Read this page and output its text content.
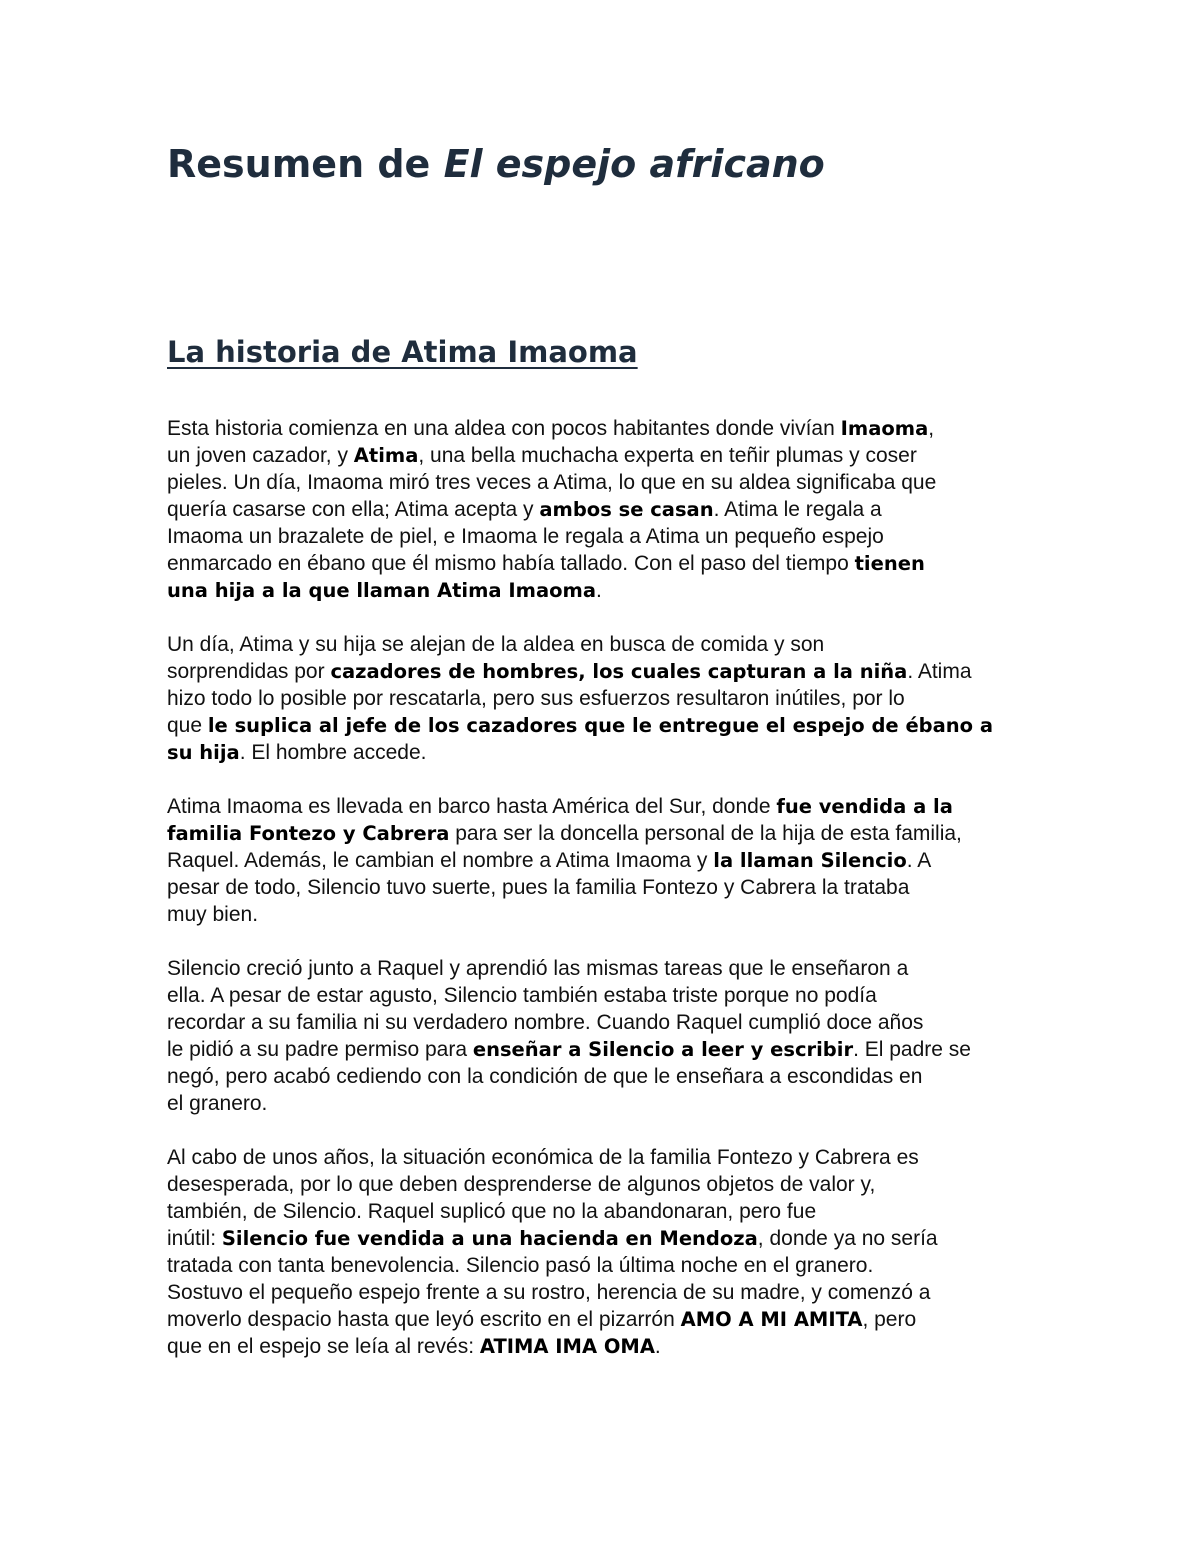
Resumen de El espejo africano
La historia de Atima Imaoma

Esta historia comienza en una aldea con pocos habitantes donde vivían Imaoma,
un joven cazador, y Atima, una bella muchacha experta en teñir plumas y coser
pieles. Un día, Imaoma miró tres veces a Atima, lo que en su aldea significaba que
quería casarse con ella; Atima acepta y ambos se casan. Atima le regala a
Imaoma un brazalete de piel, e Imaoma le regala a Atima un pequeño espejo
enmarcado en ébano que él mismo había tallado. Con el paso del tiempo tienen
una hija a la que llaman Atima Imaoma.

Un día, Atima y su hija se alejan de la aldea en busca de comida y son
sorprendidas por cazadores de hombres, los cuales capturan a la niña. Atima
hizo todo lo posible por rescatarla, pero sus esfuerzos resultaron inútiles, por lo
que le suplica al jefe de los cazadores que le entregue el espejo de ébano a
su hija. El hombre accede.

Atima Imaoma es llevada en barco hasta América del Sur, donde fue vendida a la
familia Fontezo y Cabrera para ser la doncella personal de la hija de esta familia,
Raquel. Además, le cambian el nombre a Atima Imaoma y la llaman Silencio. A
pesar de todo, Silencio tuvo suerte, pues la familia Fontezo y Cabrera la trataba
muy bien.

Silencio creció junto a Raquel y aprendió las mismas tareas que le enseñaron a
ella. A pesar de estar agusto, Silencio también estaba triste porque no podía
recordar a su familia ni su verdadero nombre. Cuando Raquel cumplió doce años
le pidió a su padre permiso para enseñar a Silencio a leer y escribir. El padre se
negó, pero acabó cediendo con la condición de que le enseñara a escondidas en
el granero.

Al cabo de unos años, la situación económica de la familia Fontezo y Cabrera es
desesperada, por lo que deben desprenderse de algunos objetos de valor y,
también, de Silencio. Raquel suplicó que no la abandonaran, pero fue
inútil: Silencio fue vendida a una hacienda en Mendoza, donde ya no sería
tratada con tanta benevolencia. Silencio pasó la última noche en el granero.
Sostuvo el pequeño espejo frente a su rostro, herencia de su madre, y comenzó a
moverlo despacio hasta que leyó escrito en el pizarrón AMO A MI AMITA, pero
que en el espejo se leía al revés: ATIMA IMA OMA.
